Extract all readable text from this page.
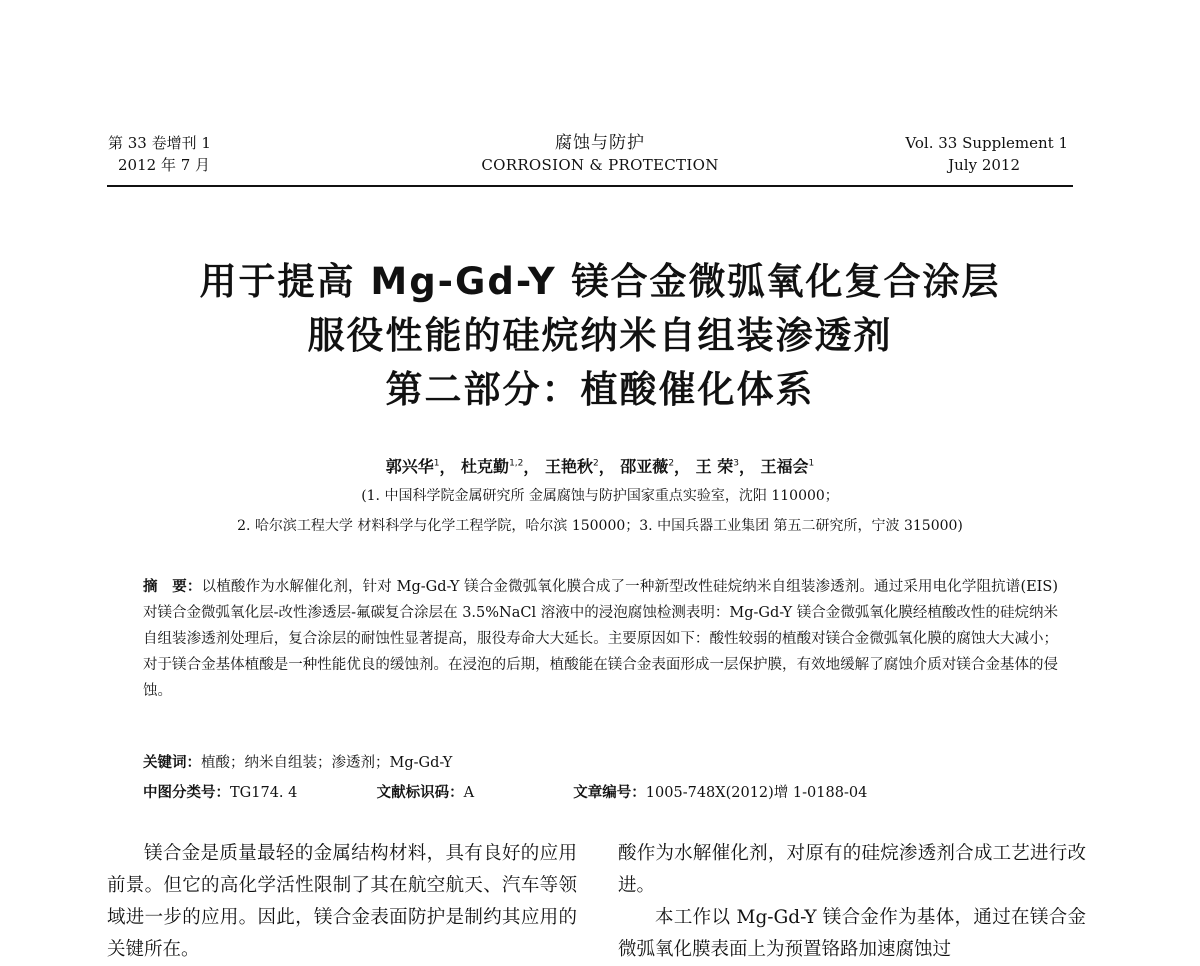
第 33 卷增刊 1
2012 年 7 月
腐蚀与防护
CORROSION & PROTECTION
Vol. 33 Supplement 1
July 2012
用于提高 Mg-Gd-Y 镁合金微弧氧化复合涂层
服役性能的硅烷纳米自组装渗透剂
第二部分：植酸催化体系
郭兴华$^1$， 杜克勤$^{1,2}$， 王艳秋$^2$， 邵亚薇$^2$， 王 荣$^3$， 王福会$^1$
(1. 中国科学院金属研究所 金属腐蚀与防护国家重点实验室，沈阳 110000；
2. 哈尔滨工程大学 材料科学与化学工程学院，哈尔滨 150000；3. 中国兵器工业集团 第五二研究所，宁波 315000)
摘　要：以植酸作为水解催化剂，针对 Mg-Gd-Y 镁合金微弧氧化膜合成了一种新型改性硅烷纳米自组装渗透剂。通过采用电化学阻抗谱(EIS)对镁合金微弧氧化层-改性渗透层-氟碳复合涂层在 3.5%NaCl 溶液中的浸泡腐蚀检测表明：Mg-Gd-Y 镁合金微弧氧化膜经植酸改性的硅烷纳米自组装渗透剂处理后，复合涂层的耐蚀性显著提高，服役寿命大大延长。主要原因如下：酸性较弱的植酸对镁合金微弧氧化膜的腐蚀大大减小；对于镁合金基体植酸是一种性能优良的缓蚀剂。在浸泡的后期，植酸能在镁合金表面形成一层保护膜，有效地缓解了腐蚀介质对镁合金基体的侵蚀。
关键词：植酸；纳米自组装；渗透剂；Mg-Gd-Y
中图分类号：TG174. 4	文献标识码：A	文章编号：1005-748X(2012)增 1-0188-04

镁合金是质量最轻的金属结构材料，具有良好的应用前景。但它的高化学活性限制了其在航空航天、汽车等领域进一步的应用。因此，镁合金表面防护是制约其应用的关键所在。

酸作为水解催化剂，对原有的硅烷渗透剂合成工艺进行改进。

本工作以 Mg-Gd-Y 镁合金作为基体，通过在镁合金微弧氧化膜表面上为预置铬路加速腐蚀过
